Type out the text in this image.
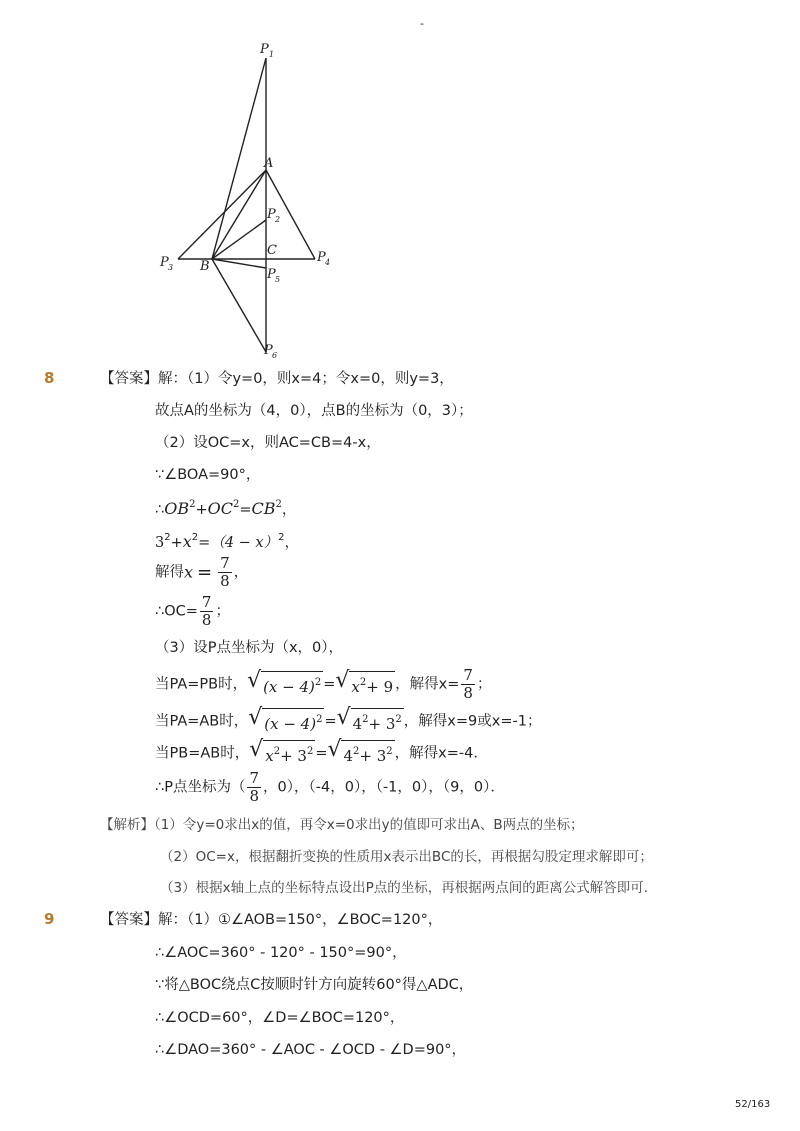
-
P 1
A
P 2
C
P 3 B
P 4
P 5
P 6
8	【答案】解：（1）令y=0，则x=4；令x=0，则y=3，
故点A的坐标为（4，0），点B的坐标为（0，3）；
（2）设OC=x，则AC=CB=4-x，
∵∠BOA=90°，
$\therefore OB^2+OC^2=CB^2$，
$3^2+x^2=(4 - x)^2$，
解得$x = \frac{7}{8}$ ，
∴OC= $\frac{7}{8}$ ；
（3）设P点坐标为（x，0），
当PA=PB时， √ $(x - 4)^2$ = √ $x^2+ 9$ ，解得$x= \frac{7}{8}$ ；
当PA=AB时， √ $(x - 4)^2$ = √ $4^2+ 3^2$ ，解得x=9或x=-1；
当PB=AB时， √ $x^2+ 3^2$ = √ $4^2+ 3^2$ ，解得x=-4．
∴P点坐标为（ $\frac{7}{8}$ ，0），（-4，0），（-1，0），（9，0）．
【解析】（1）令y=0求出x的值，再令x=0求出y的值即可求出A、B两点的坐标；
（2）OC=x，根据翻折变换的性质用x表示出BC的长，再根据勾股定理求解即可；
（3）根据x轴上点的坐标特点设出P点的坐标，再根据两点间的距离公式解答即可．
9	【答案】解：（1）①∠AOB=150°，∠BOC=120°，
∴∠AOC=360° - 120° - 150°=90°，
∵将△BOC绕点C按顺时针方向旋转60°得△ADC，
∴∠OCD=60°，∠D=∠BOC=120°，
∴∠DAO=360° - ∠AOC - ∠OCD - ∠D=90°，
52/163
